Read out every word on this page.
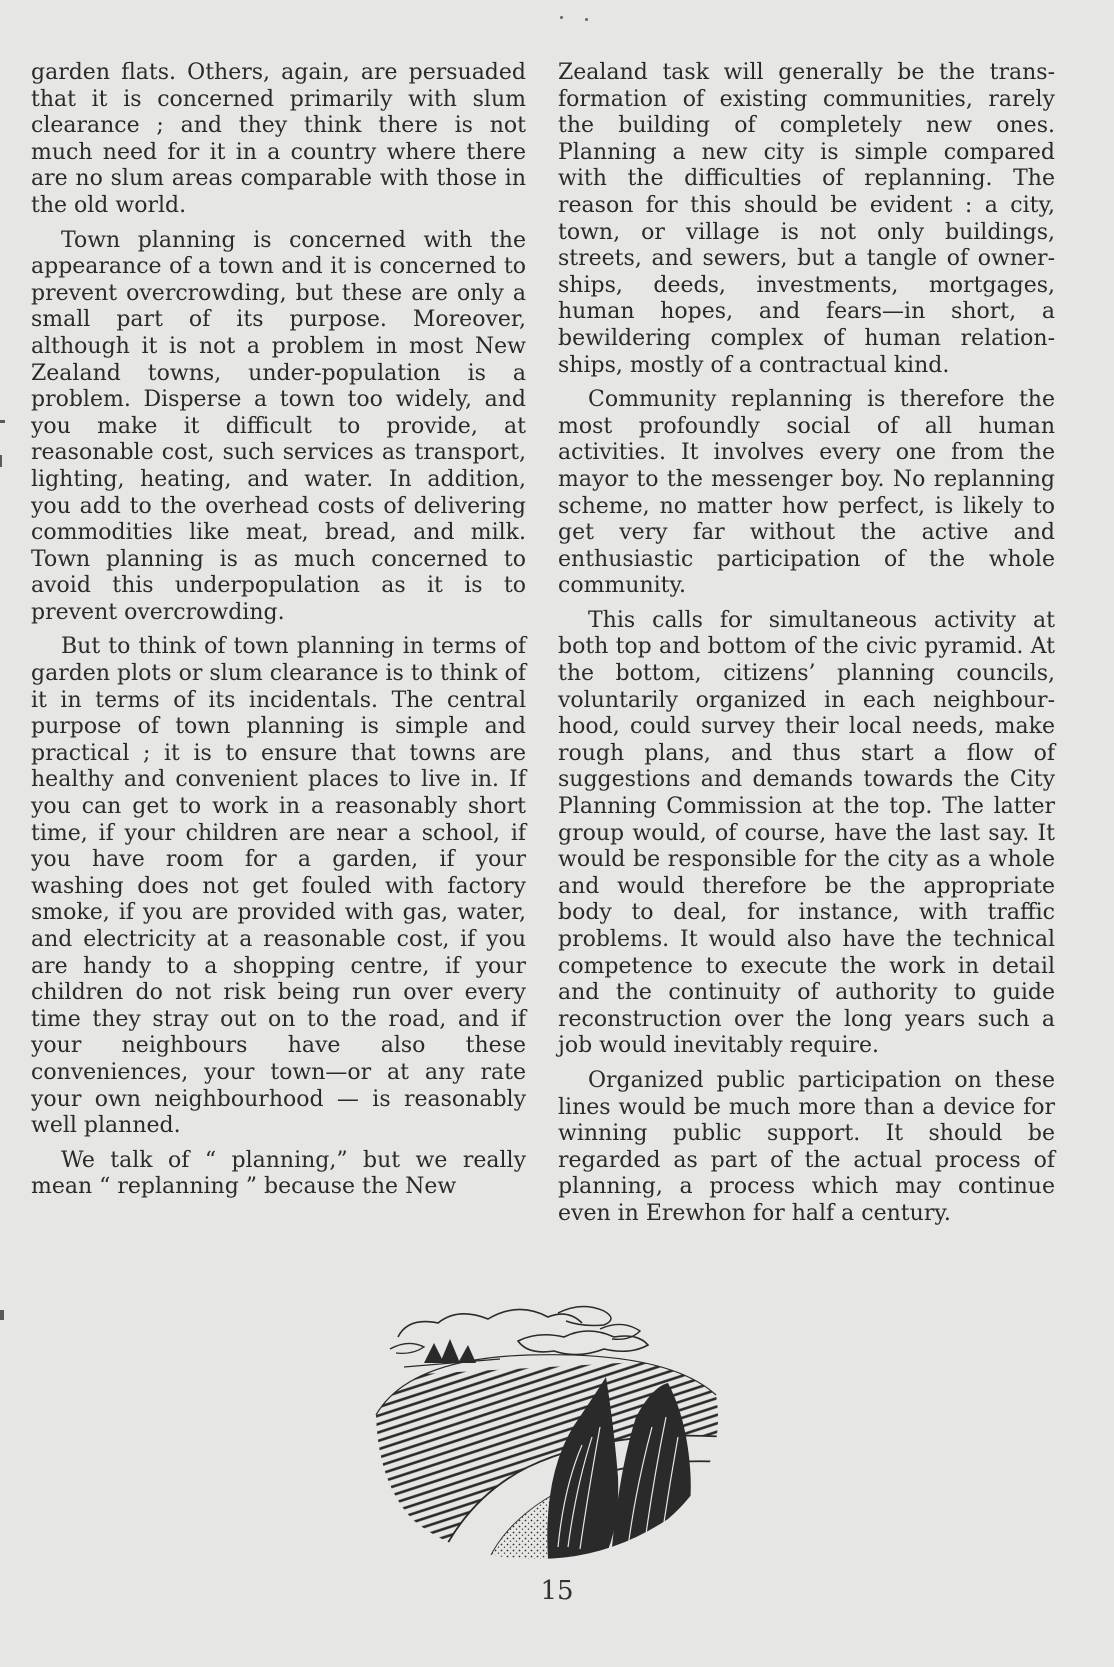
garden flats. Others, again, are persuaded that it is concerned primarily with slum clearance ; and they think there is not much need for it in a country where there are no slum areas comparable with those in the old world.

Town planning is concerned with the appearance of a town and it is concerned to prevent overcrowding, but these are only a small part of its purpose. Moreover, although it is not a problem in most New Zealand towns, under-population is a problem. Disperse a town too widely, and you make it difficult to provide, at reasonable cost, such services as transport, lighting, heating, and water. In addition, you add to the overhead costs of delivering commodities like meat, bread, and milk. Town planning is as much concerned to avoid this underpopulation as it is to prevent overcrowding.

But to think of town planning in terms of garden plots or slum clearance is to think of it in terms of its incidentals. The central purpose of town planning is simple and practical ; it is to ensure that towns are healthy and convenient places to live in. If you can get to work in a reasonably short time, if your children are near a school, if you have room for a garden, if your washing does not get fouled with factory smoke, if you are provided with gas, water, and electricity at a reasonable cost, if you are handy to a shopping centre, if your children do not risk being run over every time they stray out on to the road, and if your neighbours have also these conveniences, your town—or at any rate your own neighbourhood — is reasonably well planned.

We talk of “ planning,” but we really mean “ replanning ” because the New

Zealand task will generally be the transformation of existing communities, rarely the building of completely new ones. Planning a new city is simple compared with the difficulties of replanning. The reason for this should be evident : a city, town, or village is not only buildings, streets, and sewers, but a tangle of ownerships, deeds, investments, mortgages, human hopes, and fears—in short, a bewildering complex of human relationships, mostly of a contractual kind.

Community replanning is therefore the most profoundly social of all human activities. It involves every one from the mayor to the messenger boy. No replanning scheme, no matter how perfect, is likely to get very far without the active and enthusiastic participation of the whole community.

This calls for simultaneous activity at both top and bottom of the civic pyramid. At the bottom, citizens’ planning councils, voluntarily organized in each neighbourhood, could survey their local needs, make rough plans, and thus start a flow of suggestions and demands towards the City Planning Commission at the top. The latter group would, of course, have the last say. It would be responsible for the city as a whole and would therefore be the appropriate body to deal, for instance, with traffic problems. It would also have the technical competence to execute the work in detail and the continuity of authority to guide reconstruction over the long years such a job would inevitably require.

Organized public participation on these lines would be much more than a device for winning public support. It should be regarded as part of the actual process of planning, a process which may continue even in Erewhon for half a century.

15
